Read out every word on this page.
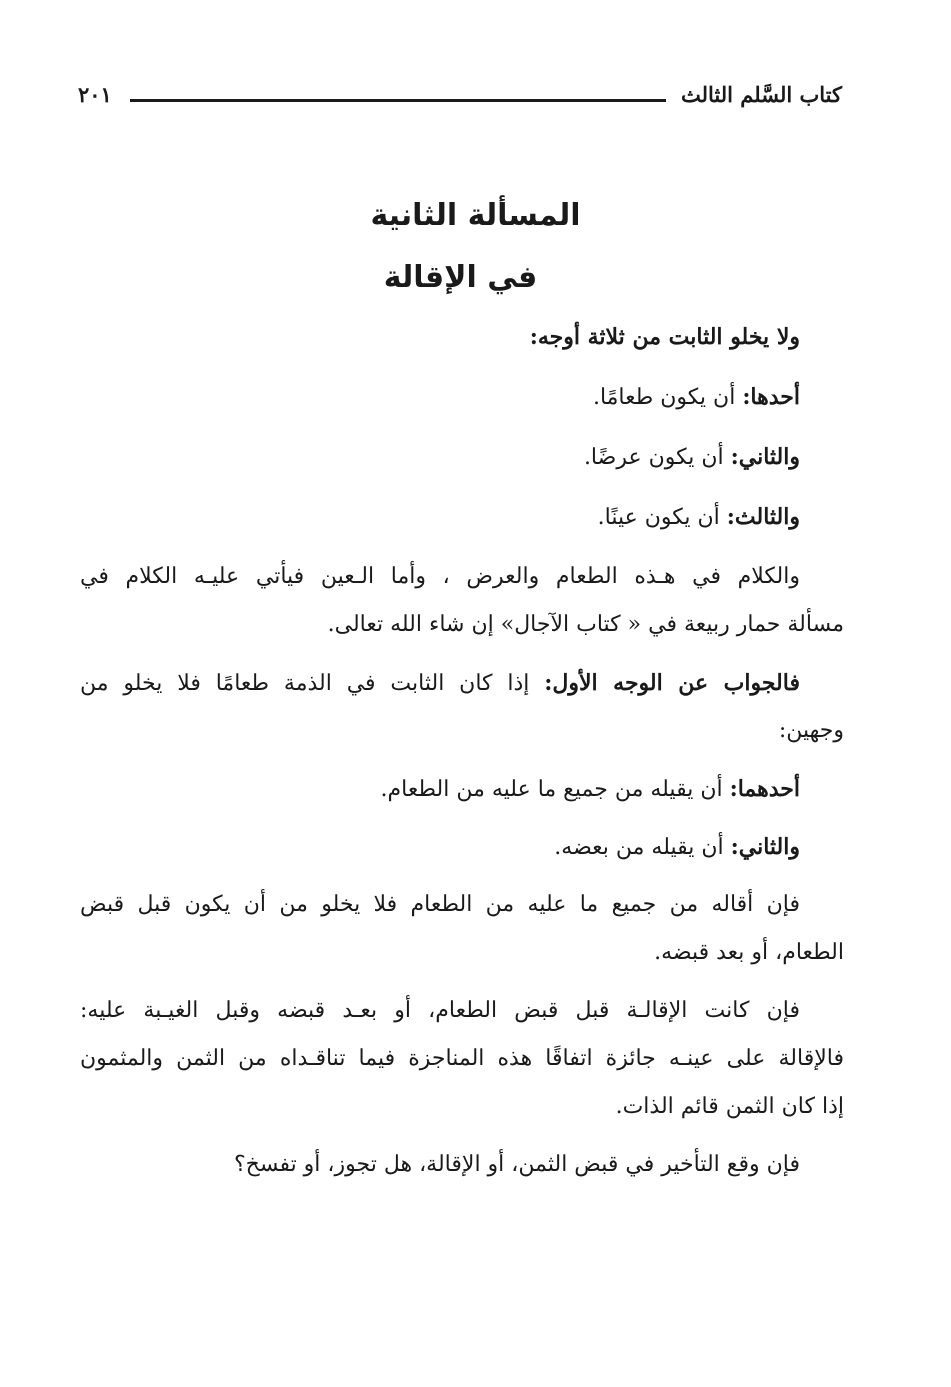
كتاب السَّلم الثالث
٢٠١
المسألة الثانية
في الإقالة
ولا يخلو الثابت من ثلاثة أوجه:
أحدها: أن يكون طعامًا.
والثاني: أن يكون عرضًا.
والثالث: أن يكون عينًا.
والكلام في هـذه الطعام والعرض ، وأما الـعين فيأتي عليـه الكلام في
مسألة حمار ربيعة في « كتاب الآجال» إن شاء الله تعالى.
فالجواب عن الوجه الأول: إذا كان الثابت في الذمة طعامًا فلا يخلو من
وجهين:
أحدهما: أن يقيله من جميع ما عليه من الطعام.
والثاني: أن يقيله من بعضه.
فإن أقاله من جميع ما عليه من الطعام فلا يخلو من أن يكون قبل قبض
الطعام، أو بعد قبضه.
فإن كانت الإقالـة قبل قبض الطعام، أو بعـد قبضه وقبل الغيـبة عليه:
فالإقالة على عينـه جائزة اتفاقًا هذه المناجزة فيما تناقـداه من الثمن والمثمون
إذا كان الثمن قائم الذات.
فإن وقع التأخير في قبض الثمن، أو الإقالة، هل تجوز، أو تفسخ؟
